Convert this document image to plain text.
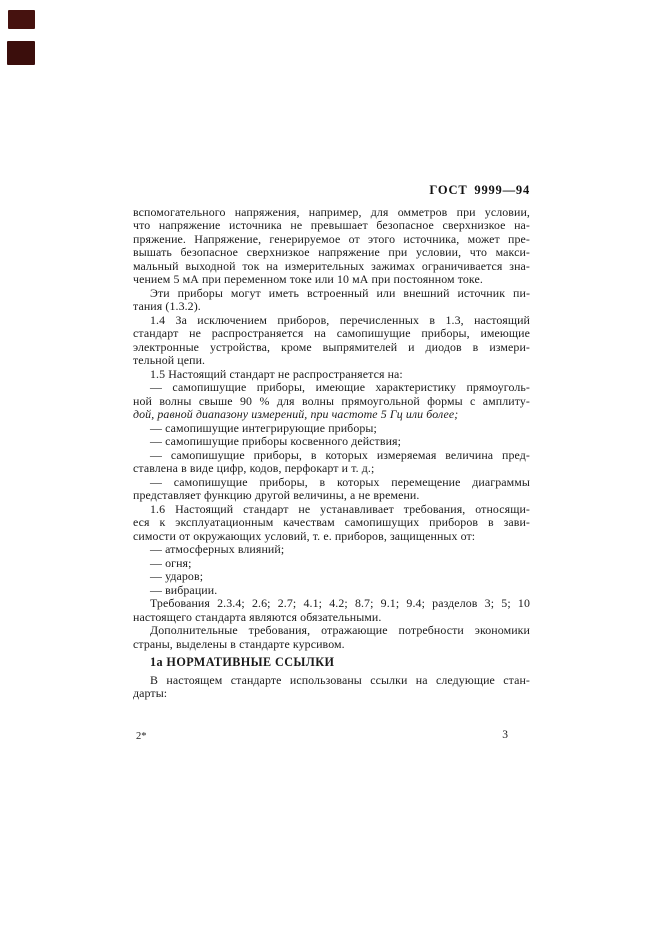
ГОСТ 9999—94
вспомогательного напряжения, например, для омметров при условии,
что напряжение источника не превышает безопасное сверхнизкое на-
пряжение. Напряжение, генерируемое от этого источника, может пре-
вышать безопасное сверхнизкое напряжение при условии, что макси-
мальный выходной ток на измерительных зажимах ограничивается зна-
чением 5 мА при переменном токе или 10 мА при постоянном токе.
Эти приборы могут иметь встроенный или внешний источник пи-
тания (1.3.2).
1.4 За исключением приборов, перечисленных в 1.3, настоящий
стандарт не распространяется на самопишущие приборы, имеющие
электронные устройства, кроме выпрямителей и диодов в измери-
тельной цепи.
1.5 Настоящий стандарт не распространяется на:
— самопишущие приборы, имеющие характеристику прямоуголь-
ной волны свыше 90 % для волны прямоугольной формы с амплиту-
дой, равной диапазону измерений, при частоте 5 Гц или более;
— самопишущие интегрирующие приборы;
— самопишущие приборы косвенного действия;
— самопишущие приборы, в которых измеряемая величина пред-
ставлена в виде цифр, кодов, перфокарт и т. д.;
— самопишущие приборы, в которых перемещение диаграммы
представляет функцию другой величины, а не времени.
1.6 Настоящий стандарт не устанавливает требования, относящи-
еся к эксплуатационным качествам самопишущих приборов в зави-
симости от окружающих условий, т. е. приборов, защищенных от:
— атмосферных влияний;
— огня;
— ударов;
— вибрации.
Требования 2.3.4; 2.6; 2.7; 4.1; 4.2; 8.7; 9.1; 9.4; разделов 3; 5; 10
настоящего стандарта являются обязательными.
Дополнительные требования, отражающие потребности экономики
страны, выделены в стандарте курсивом.
1а НОРМАТИВНЫЕ ССЫЛКИ
В настоящем стандарте использованы ссылки на следующие стан-
дарты:
2*	3
